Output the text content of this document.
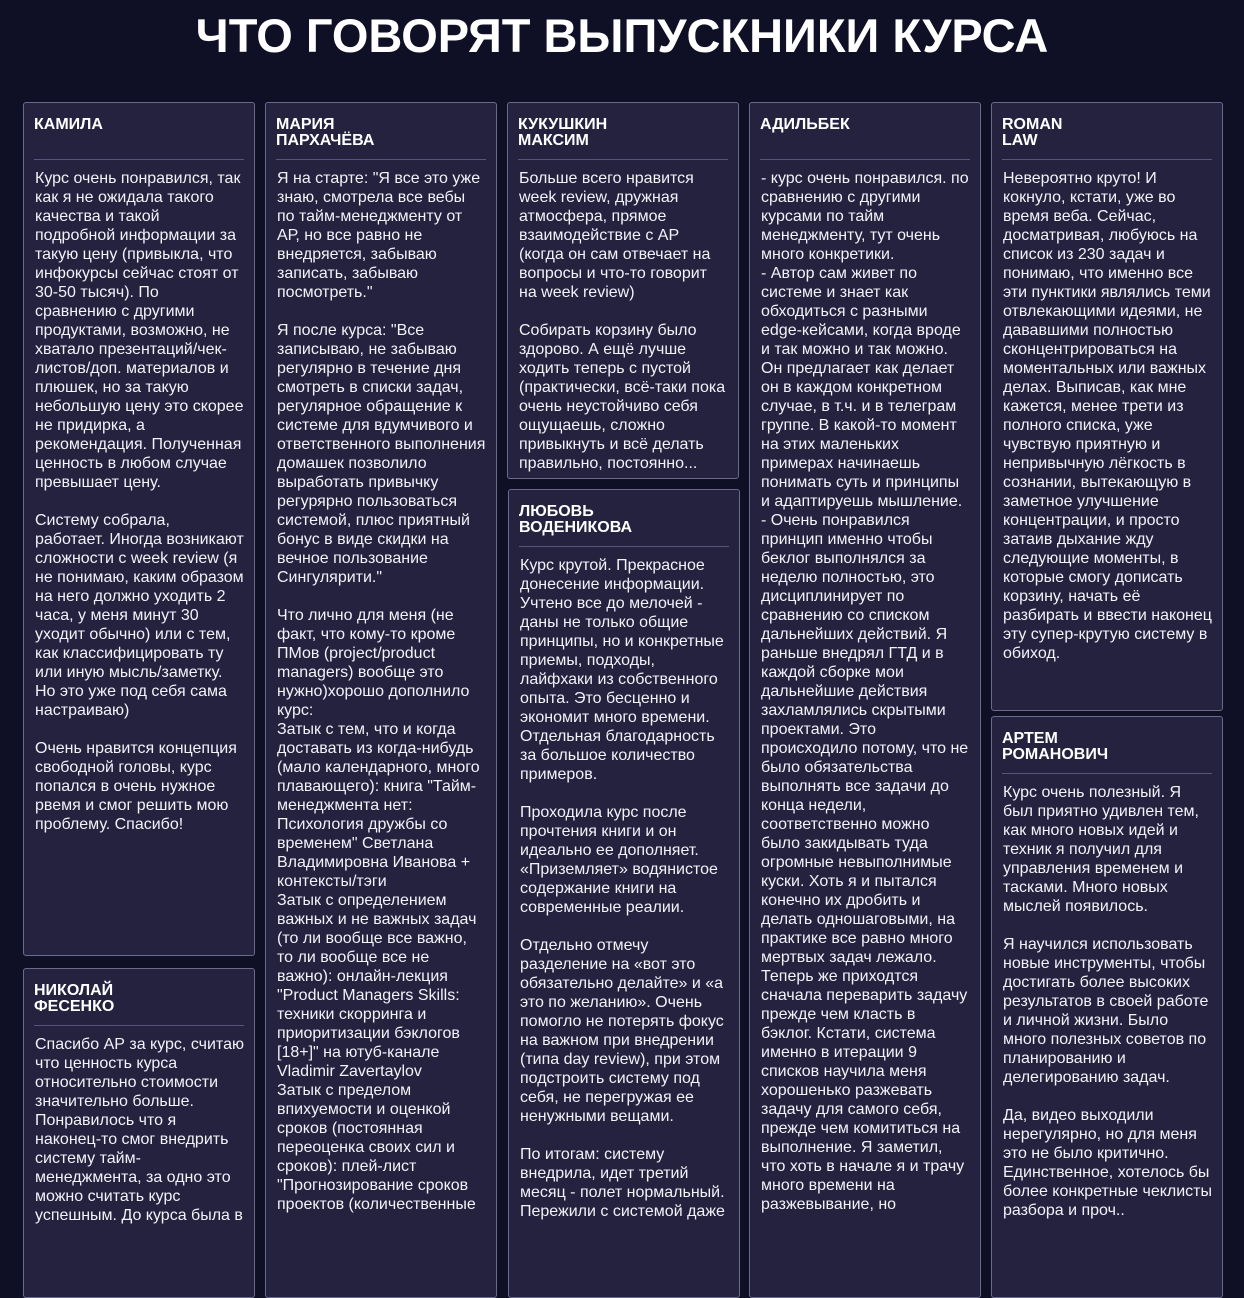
ЧТО ГОВОРЯТ ВЫПУСКНИКИ КУРСА
КАМИЛА
Курс очень понравился, так как я не ожидала такого качества и такой подробной информации за такую цену (привыкла, что инфокурсы сейчас стоят от 30-50 тысяч). По сравнению с другими продуктами, возможно, не хватало презентаций/чек-листов/доп. материалов и плюшек, но за такую небольшую цену это скорее не придирка, а рекомендация. Полученная ценность в любом случае превышает цену.

Систему собрала, работает. Иногда возникают сложности с week review (я не понимаю, каким образом на него должно уходить 2 часа, у меня минут 30 уходит обычно) или с тем, как классифицировать ту или иную мысль/заметку. Но это уже под себя сама настраиваю)

Очень нравится концепция свободной головы, курс попался в очень нужное рвемя и смог решить мою проблему. Спасибо!
НИКОЛАЙ
ФЕСЕНКО
Спасибо АР за курс, считаю что ценность курса относительно стоимости значительно больше. Понравилось что я наконец-то смог внедрить систему тайм-менеджмента, за одно это можно считать курс успешным. До курса была в
МАРИЯ
ПАРХАЧЁВА
Я на старте: "Я все это уже знаю, смотрела все вебы по тайм-менеджменту от АР, но все равно не внедряется, забываю записать, забываю посмотреть."

Я после курса: "Все записываю, не забываю регулярно в течение дня смотреть в списки задач, регулярное обращение к системе для вдумчивого и ответственного выполнения домашек позволило выработать привычку регурярно пользоваться системой, плюс приятный бонус в виде скидки на вечное пользование Сингулярити."

Что лично для меня (не факт, что кому-то кроме ПМов (project/product managers) вообще это нужно)хорошо дополнило курс:
Затык с тем, что и когда доставать из когда-нибудь (мало календарного, много плавающего): книга "Тайм-менеджмента нет: Психология дружбы со временем" Светлана Владимировна Иванова + контексты/тэги
Затык с определением важных и не важных задач (то ли вообще все важно, то ли вообще все не важно): онлайн-лекция "Product Managers Skills: техники скорринга и приоритизации бэклогов [18+]" на ютуб-канале Vladimir Zavertaylov
Затык с пределом впихуемости и оценкой сроков (постоянная переоценка своих сил и сроков): плей-лист "Прогнозирование сроков проектов (количественные
КУКУШКИН
МАКСИМ
Больше всего нравится week review, дружная атмосфера, прямое взаимодействие с АР (когда он сам отвечает на вопросы и что-то говорит на week review)

Собирать корзину было здорово. А ещё лучше ходить теперь с пустой (практически, всё-таки пока очень неустойчиво себя ощущаешь, сложно привыкнуть и всё делать правильно, постоянно...
ЛЮБОВЬ
ВОДЕНИКОВА
Курс крутой. Прекрасное донесение информации. Учтено все до мелочей - даны не только общие принципы, но и конкретные приемы, подходы, лайфхаки из собственного опыта. Это бесценно и экономит много времени. Отдельная благодарность за большое количество примеров.

Проходила курс после прочтения книги и он идеально ее дополняет. «Приземляет» водянистое содержание книги на современные реалии.

Отдельно отмечу разделение на «вот это обязательно делайте» и «а это по желанию». Очень помогло не потерять фокус на важном при внедрении (типа day review), при этом подстроить систему под себя, не перегружая ее ненужными вещами.

По итогам: систему внедрила, идет третий месяц - полет нормальный. Пережили с системой даже
АДИЛЬБЕК
- курс очень понравился. по сравнению с другими курсами по тайм менеджменту, тут очень много конкретики.
- Автор сам живет по системе и знает как обходиться с разными edge-кейсами, когда вроде и так можно и так можно. Он предлагает как делает он в каждом конкретном случае, в т.ч. и в телеграм группе. В какой-то момент на этих маленьких примерах начинаешь понимать суть и принципы и адаптируешь мышление.
- Очень понравился принцип именно чтобы беклог выполнялся за неделю полностью, это дисциплинирует по сравнению со списком дальнейших действий. Я раньше внедрял ГТД и в каждой сборке мои дальнейшие действия захламлялись скрытыми проектами. Это происходило потому, что не было обязательства выполнять все задачи до конца недели, соответственно можно было закидывать туда огромные невыполнимые куски. Хоть я и пытался конечно их дробить и делать одношаговыми, на практике все равно много мертвых задач лежало. Теперь же приходтся сначала переварить задачу прежде чем класть в бэклог. Кстати, система именно в итерации 9 списков научила меня хорошенько разжевать задачу для самого себя, прежде чем комититься на выполнение. Я заметил, что хоть в начале я и трачу много времени на разжевывание, но
ROMAN
LAW
Невероятно круто! И кокнуло, кстати, уже во время веба. Сейчас, досматривая, любуюсь на список из 230 задач и понимаю, что именно все эти пунктики являлись теми отвлекающими идеями, не дававшими полностью сконцентрироваться на моментальных или важных делах. Выписав, как мне кажется, менее трети из полного списка, уже чувствую приятную и непривычную лёгкость в сознании, вытекающую в заметное улучшение концентрации, и просто затаив дыхание жду следующие моменты, в которые смогу дописать корзину, начать её разбирать и ввести наконец эту супер-крутую систему в обиход.
АРТЕМ
РОМАНОВИЧ
Курс очень полезный. Я был приятно удивлен тем, как много новых идей и техник я получил для управления временем и тасками. Много новых мыслей появилось.

Я научился использовать новые инструменты, чтобы достигать более высоких результатов в своей работе и личной жизни. Было много полезных советов по планированию и делегированию задач.

Да, видео выходили нерегулярно, но для меня это не было критично. Единственное, хотелось бы более конкретные чеклисты разбора и проч..
